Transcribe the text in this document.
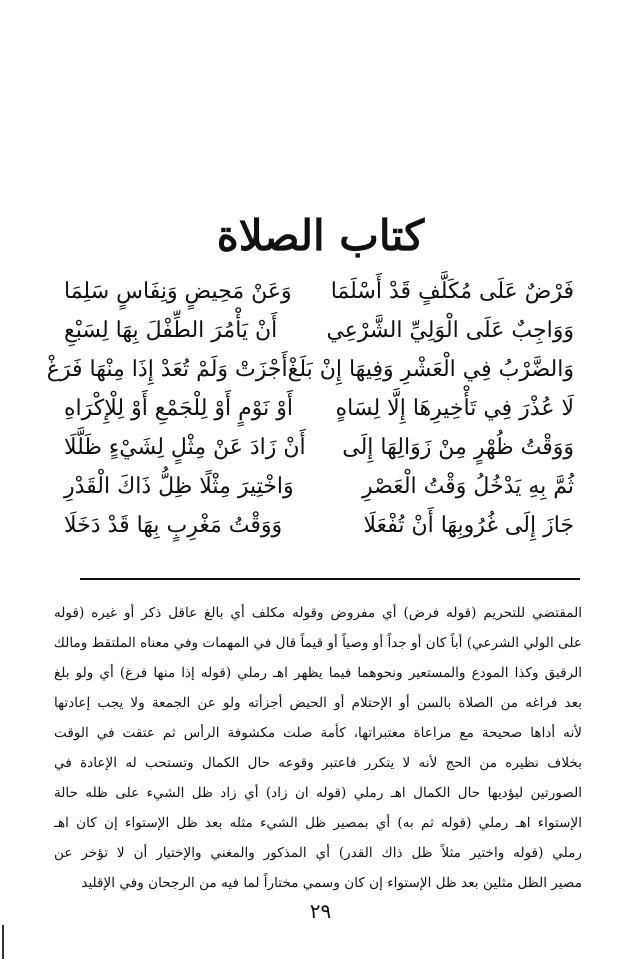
كتاب الصلاة
فَرْضٌ عَلَى مُكَلَّفٍ قَدْ أَسْلَمَا
وَعَنْ مَحِيضٍ وَنِفَاسٍ سَلِمَا
وَوَاجِبٌ عَلَى الْوَلِيِّ الشَّرْعِي
أَنْ يَأْمُرَ الطِّفْلَ بِهَا لِسَبْعِ
وَالضَّرْبُ فِي الْعَشْرِ وَفِيهَا إِنْ بَلَغْ
أَجْزَتْ وَلَمْ تُعَدْ إِذَا مِنْهَا فَرَغْ
لَا عُذْرَ فِي تَأْخِيرِهَا إِلَّا لِسَاهٍ
أَوْ نَوْمٍ أَوْ لِلْجَمْعِ أَوْ لِلْإِكْرَاهِ
وَوَقْتُ ظُهْرٍ مِنْ زَوَالِهَا إِلَى
أَنْ زَادَ عَنْ مِثْلٍ لِشَيْءٍ ظَلَّلَا
ثُمَّ بِهِ يَدْخُلُ وَقْتُ الْعَصْرِ
وَاخْتِيرَ مِثْلًا ظِلُّ ذَاكَ الْقَدْرِ
جَازَ إِلَى غُرُوبِهَا أَنْ تُفْعَلَا
وَوَقْتُ مَغْرِبٍ بِهَا قَدْ دَخَلَا

المقتضي للتحريم (قوله فرض) أي مفروض وقوله مكلف أي بالغ عاقل ذكر أو غيره (قوله

على الولي الشرعي) أباً كان أو جداً أو وصياً أو قيماً قال في المهمات وفي معناه الملتقط ومالك

الرقيق وكذا المودع والمستعير ونحوهما فيما يظهر اهـ رملي (قوله إذا منها فرغ) أي ولو بلغ

بعد فراغه من الصلاة بالسن أو الإحتلام أو الحيض أجزأته ولو عن الجمعة ولا يجب إعادتها

لأنه أداها صحيحة مع مراعاة معتبراتها، كأمة صلت مكشوفة الرأس ثم عتقت في الوقت

بخلاف نظيره من الحج لأنه لا يتكرر فاعتبر وقوعه حال الكمال وتستحب له الإعادة في

الصورتين ليؤديها حال الكمال اهـ رملي (قوله ان زاد) أي زاد ظل الشيء على ظله حالة

الإستواء اهـ رملي (قوله ثم به) أي بمصير ظل الشيء مثله بعد ظل الإستواء إن كان اهـ

رملي (قوله واختير مثلاً ظل ذاك القدر) أي المذكور والمغني والإختيار أن لا تؤخر عن

مصير الظل مثلين بعد ظل الإستواء إن كان وسمي مختاراً لما فيه من الرجحان وفي الإقليد

٢٩
